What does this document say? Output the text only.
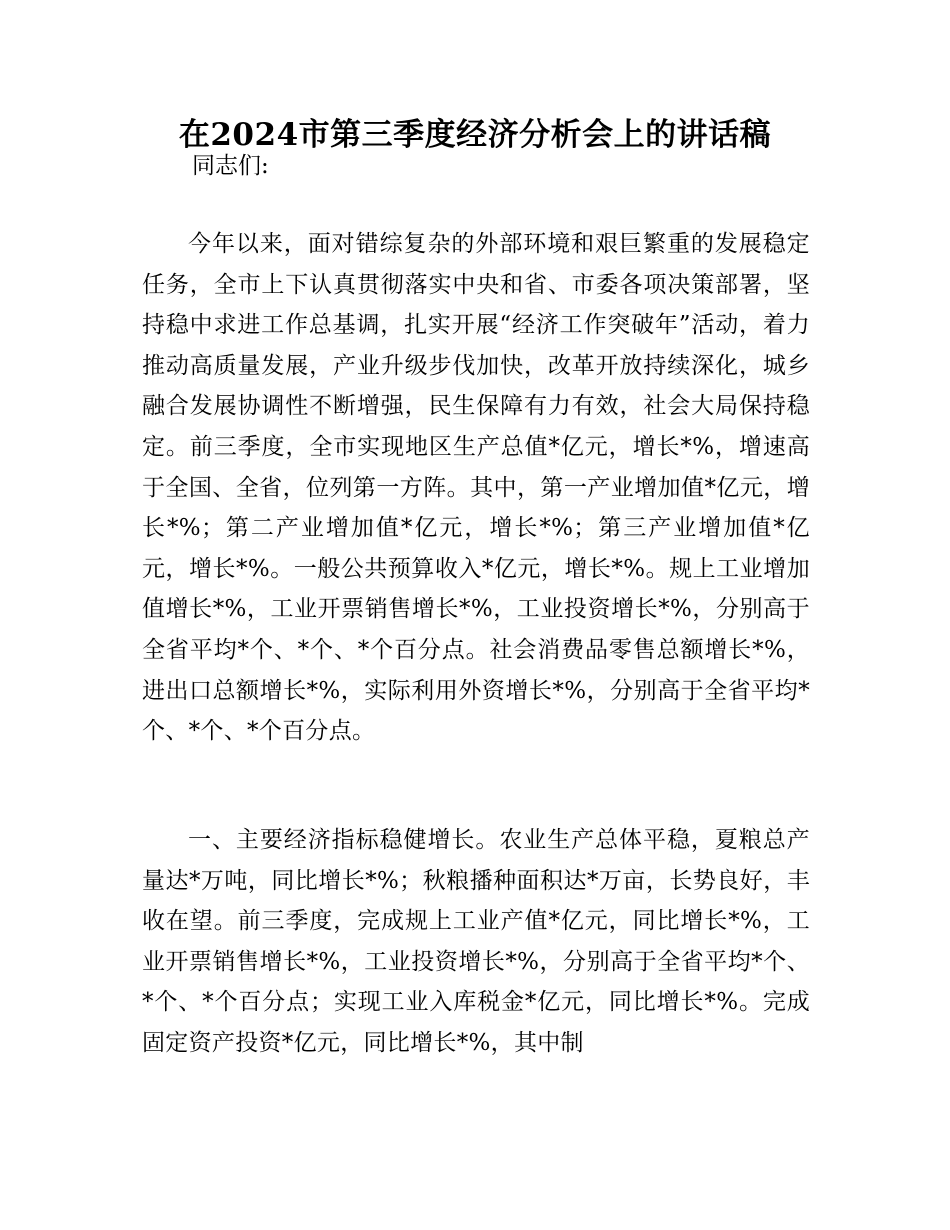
在2024市第三季度经济分析会上的讲话稿

同志们:

今年以来，面对错综复杂的外部环境和艰巨繁重的发展稳定任务，全市上下认真贯彻落实中央和省、市委各项决策部署，坚持稳中求进工作总基调，扎实开展“经济工作突破年”活动，着力推动高质量发展，产业升级步伐加快，改革开放持续深化，城乡融合发展协调性不断增强，民生保障有力有效，社会大局保持稳定。前三季度，全市实现地区生产总值*亿元，增长*%，增速高于全国、全省，位列第一方阵。其中，第一产业增加值*亿元，增长*%；第二产业增加值*亿元，增长*%；第三产业增加值*亿元，增长*%。一般公共预算收入*亿元，增长*%。规上工业增加值增长*%，工业开票销售增长*%，工业投资增长*%，分别高于全省平均*个、*个、*个百分点。社会消费品零售总额增长*%，进出口总额增长*%，实际利用外资增长*%，分别高于全省平均*个、*个、*个百分点。

一、主要经济指标稳健增长。农业生产总体平稳，夏粮总产量达*万吨，同比增长*%；秋粮播种面积达*万亩，长势良好，丰收在望。前三季度，完成规上工业产值*亿元，同比增长*%，工业开票销售增长*%，工业投资增长*%，分别高于全省平均*个、*个、*个百分点；实现工业入库税金*亿元，同比增长*%。完成固定资产投资*亿元，同比增长*%，其中制
